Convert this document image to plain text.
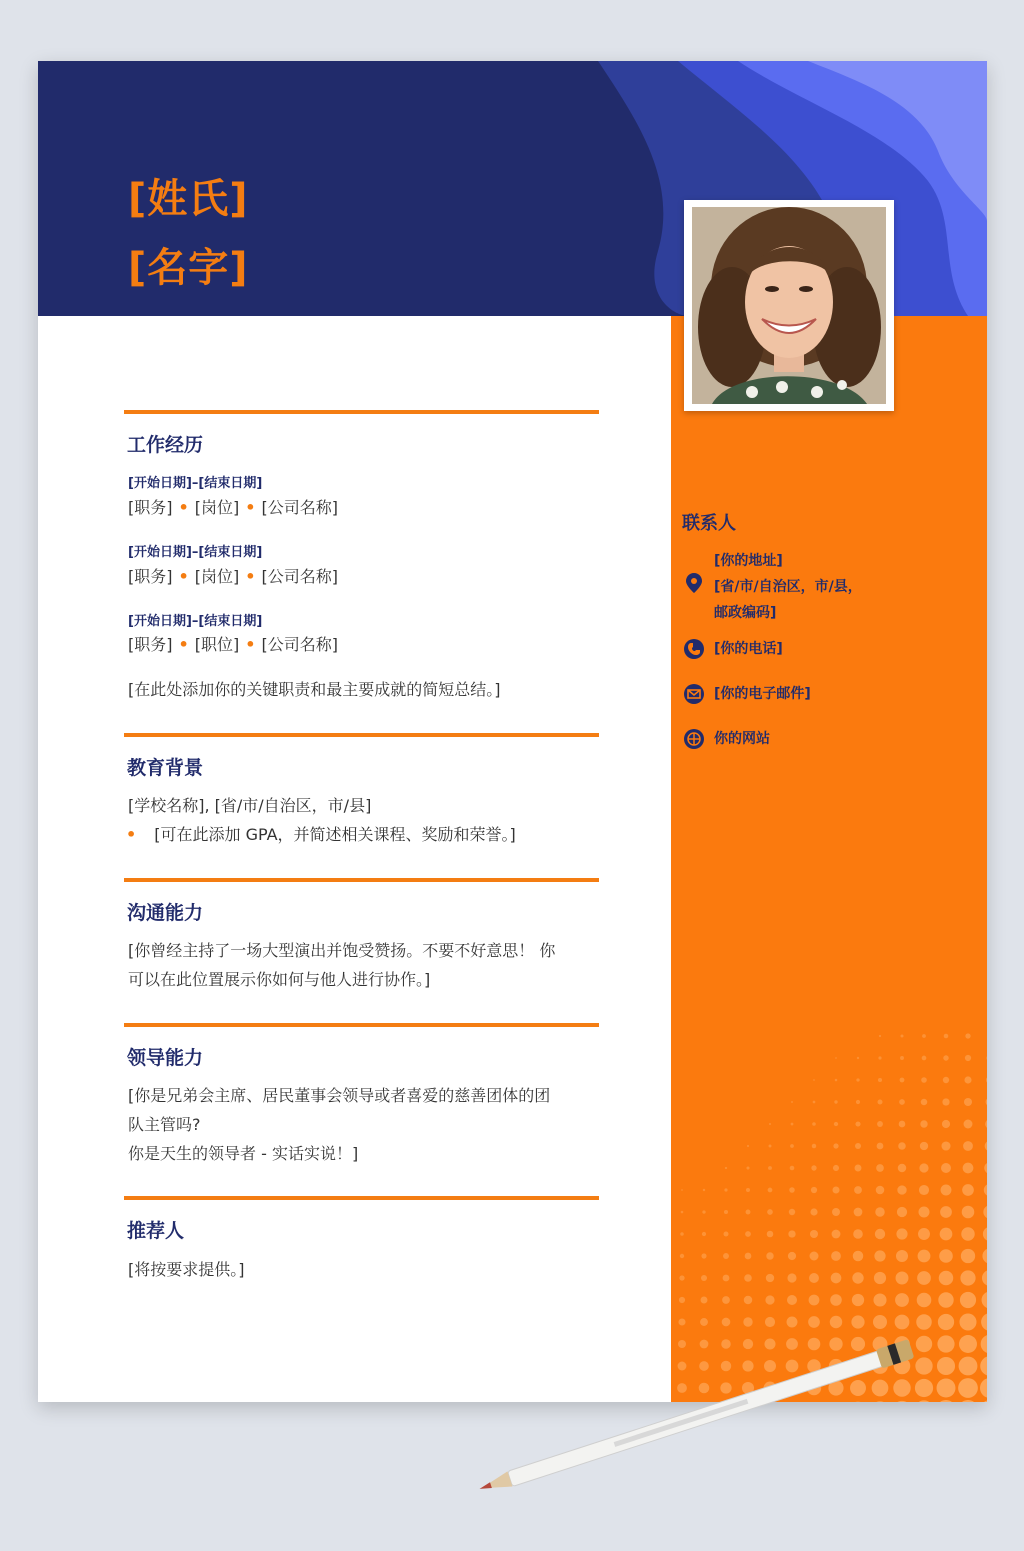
[姓氏]
[名字]
工作经历
[开始日期]–[结束日期]
[职务] • [岗位] • [公司名称]
[开始日期]–[结束日期]
[职务] • [岗位] • [公司名称]
[开始日期]–[结束日期]
[职务] • [职位] • [公司名称]
[在此处添加你的关键职责和最主要成就的简短总结。]
教育背景
[学校名称], [省/市/自治区，市/县]
• [可在此添加 GPA，并简述相关课程、奖励和荣誉。]
沟通能力
[你曾经主持了一场大型演出并饱受赞扬。不要不好意思！ 你
可以在此位置展示你如何与他人进行协作。]
领导能力
[你是兄弟会主席、居民董事会领导或者喜爱的慈善团体的团
队主管吗?
你是天生的领导者 - 实话实说！]
推荐人
[将按要求提供。]
联系人
[你的地址]
[省/市/自治区，市/县，
邮政编码]
[你的电话]
[你的电子邮件]
你的网站
